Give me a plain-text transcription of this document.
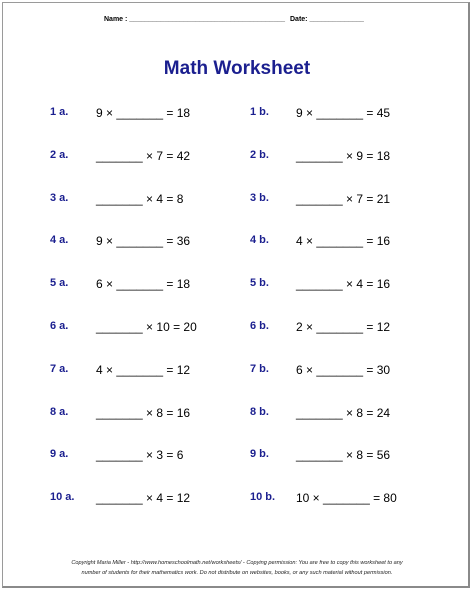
Name : ________________________________________ Date: ______________
Math Worksheet
1 a. 9 × _______ = 18
2 a. _______ × 7 = 42
3 a. _______ × 4 = 8
4 a. 9 × _______ = 36
5 a. 6 × _______ = 18
6 a. _______ × 10 = 20
7 a. 4 × _______ = 12
8 a. _______ × 8 = 16
9 a. _______ × 3 = 6
10 a. _______ × 4 = 12
1 b. 9 × _______ = 45
2 b. _______ × 9 = 18
3 b. _______ × 7 = 21
4 b. 4 × _______ = 16
5 b. _______ × 4 = 16
6 b. 2 × _______ = 12
7 b. 6 × _______ = 30
8 b. _______ × 8 = 24
9 b. _______ × 8 = 56
10 b. 10 × _______ = 80
Copyright Maria Miller - http://www.homeschoolmath.net/worksheets/ - Copying permission: You are free to copy this worksheet to any
number of students for their mathematics work. Do not distribute on websites, books, or any such material without permission.
